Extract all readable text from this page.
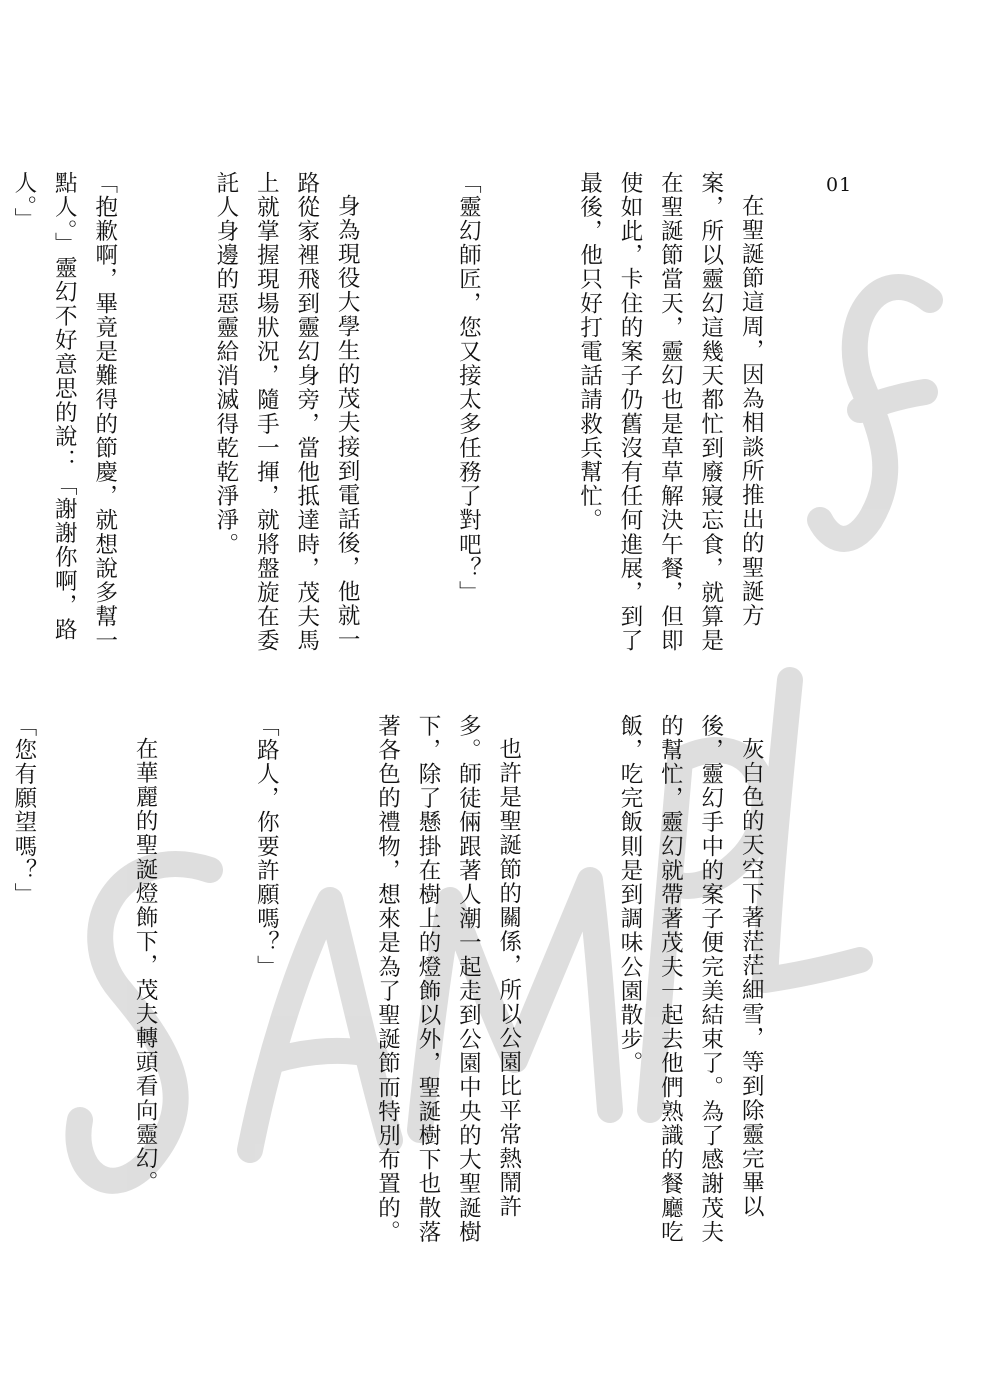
01

在聖誕節這周，因為相談所推出的聖誕方案，所以靈幻這幾天都忙到廢寢忘食，就算是在聖誕節當天，靈幻也是草草解決午餐，但即使如此，卡住的案子仍舊沒有任何進展，到了最後，他只好打電話請救兵幫忙。

「靈幻師匠，您又接太多任務了對吧？」

身為現役大學生的茂夫接到電話後，他就一路從家裡飛到靈幻身旁，當他抵達時，茂夫馬上就掌握現場狀況，隨手一揮，就將盤旋在委託人身邊的惡靈給消滅得乾乾淨淨。

「抱歉啊，畢竟是難得的節慶，就想說多幫一點人。」靈幻不好意思的說：「謝謝你啊，路人。」

灰白色的天空下著茫茫細雪，等到除靈完畢以後，靈幻手中的案子便完美結束了。為了感謝茂夫的幫忙，靈幻就帶著茂夫一起去他們熟識的餐廳吃飯，吃完飯則是到調味公園散步。

也許是聖誕節的關係，所以公園比平常熱鬧許多。師徒倆跟著人潮一起走到公園中央的大聖誕樹下，除了懸掛在樹上的燈飾以外，聖誕樹下也散落著各色的禮物，想來是為了聖誕節而特別布置的。

「路人，你要許願嗎？」

在華麗的聖誕燈飾下，茂夫轉頭看向靈幻。

「您有願望嗎？」
